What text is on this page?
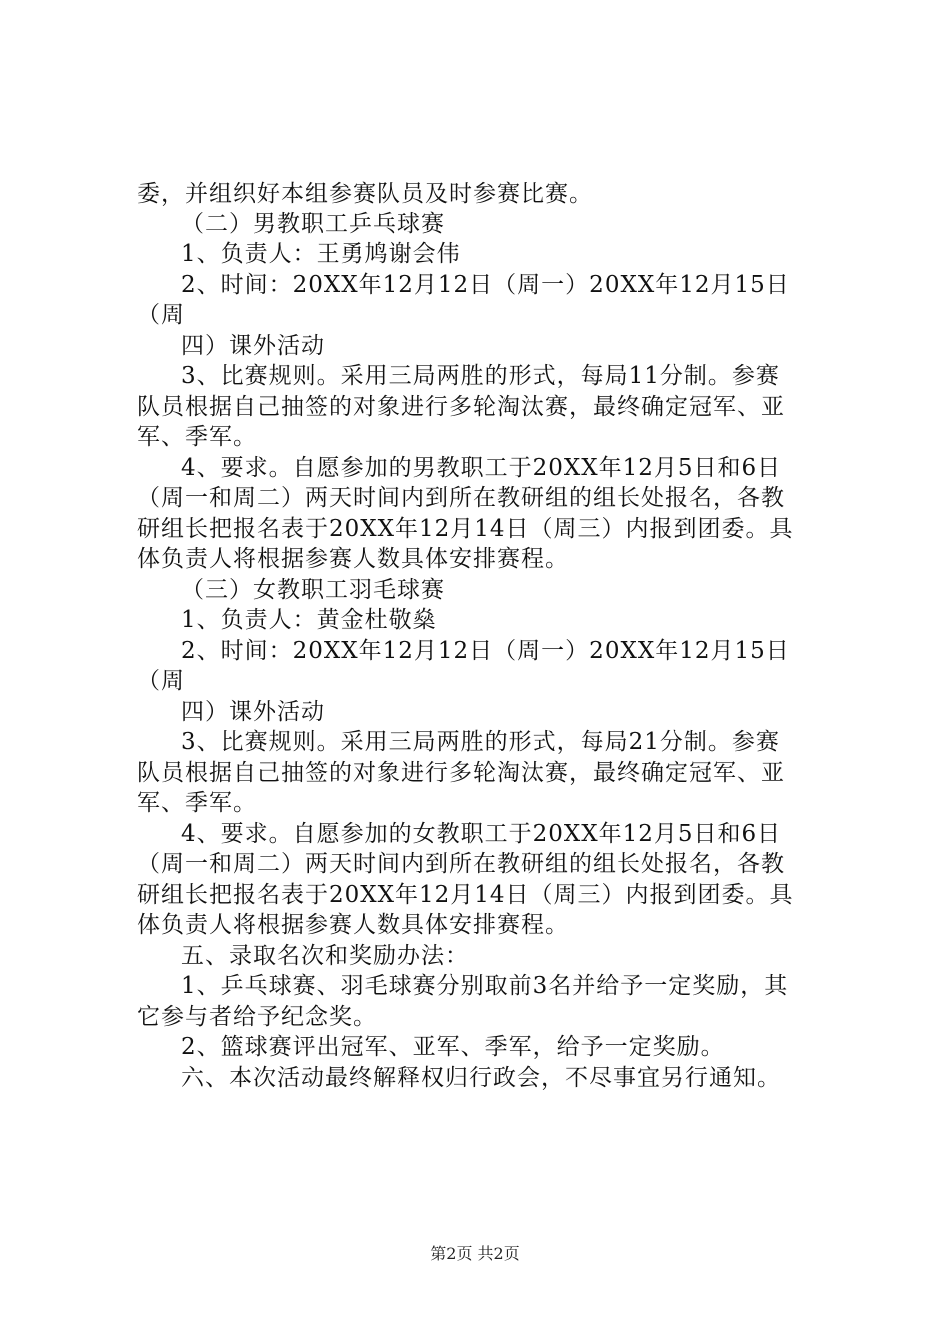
委，并组织好本组参赛队员及时参赛比赛。
（二）男教职工乒乓球赛
1、负责人：王勇鸠谢会伟
2、时间：20XX年12月12日（周一）20XX年12月15日
（周
四）课外活动
3、比赛规则。采用三局两胜的形式，每局11分制。参赛
队员根据自己抽签的对象进行多轮淘汰赛，最终确定冠军、亚
军、季军。
4、要求。自愿参加的男教职工于20XX年12月5日和6日
（周一和周二）两天时间内到所在教研组的组长处报名，各教
研组长把报名表于20XX年12月14日（周三）内报到团委。具
体负责人将根据参赛人数具体安排赛程。
（三）女教职工羽毛球赛
1、负责人：黄金杜敬燊
2、时间：20XX年12月12日（周一）20XX年12月15日
（周
四）课外活动
3、比赛规则。采用三局两胜的形式，每局21分制。参赛
队员根据自己抽签的对象进行多轮淘汰赛，最终确定冠军、亚
军、季军。
4、要求。自愿参加的女教职工于20XX年12月5日和6日
（周一和周二）两天时间内到所在教研组的组长处报名，各教
研组长把报名表于20XX年12月14日（周三）内报到团委。具
体负责人将根据参赛人数具体安排赛程。
五、录取名次和奖励办法：
1、乒乓球赛、羽毛球赛分别取前3名并给予一定奖励，其
它参与者给予纪念奖。
2、篮球赛评出冠军、亚军、季军，给予一定奖励。
六、本次活动最终解释权归行政会，不尽事宜另行通知。
第2页 共2页
